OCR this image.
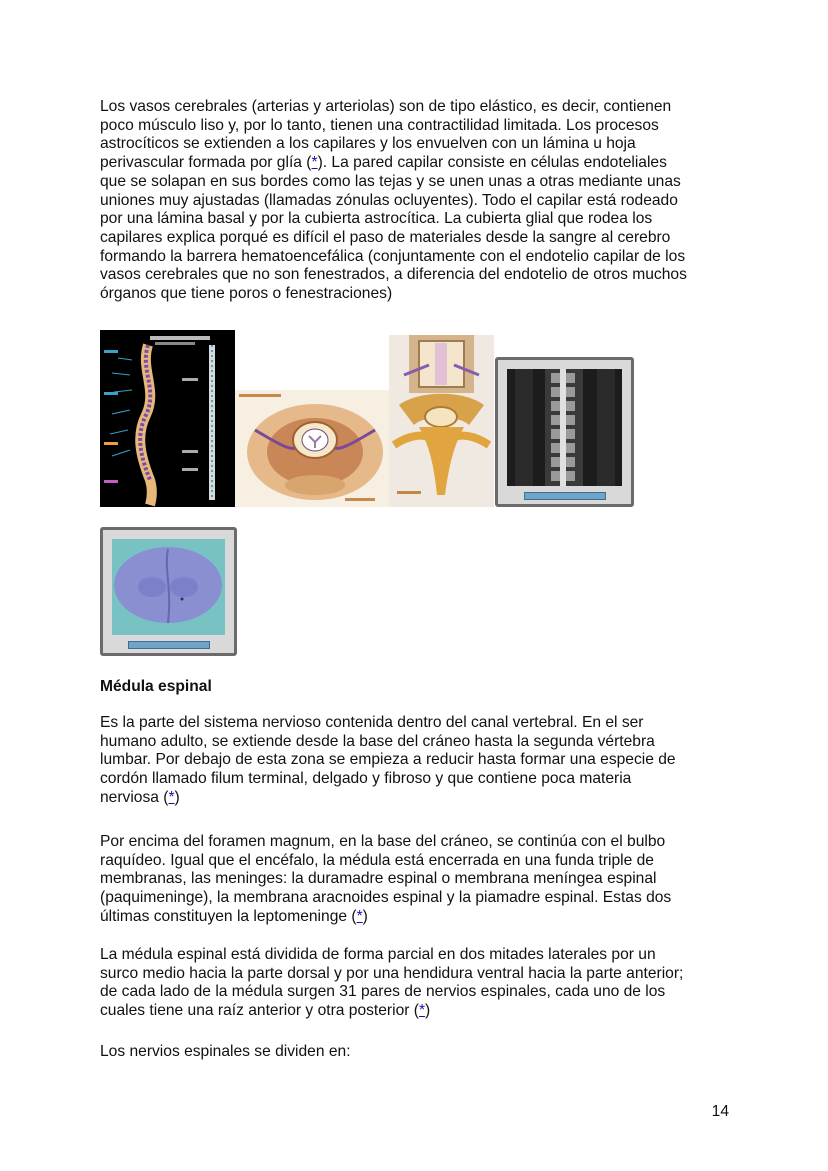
Los vasos cerebrales (arterias y arteriolas) son de tipo elástico, es decir, contienen
poco músculo liso y, por lo tanto, tienen una contractilidad limitada. Los procesos
astrocíticos se extienden a los capilares y los envuelven con un lámina u hoja
perivascular formada por glía (*). La pared capilar consiste en células endoteliales
que se solapan en sus bordes como las tejas y se unen unas a otras mediante unas
uniones muy ajustadas (llamadas zónulas ocluyentes). Todo el capilar está rodeado
por una lámina basal y por la cubierta astrocítica. La cubierta glial que rodea los
capilares explica porqué es difícil el paso de materiales desde la sangre al cerebro
formando la barrera hematoencefálica (conjuntamente con el endotelio capilar de los
vasos cerebrales que no son fenestrados, a diferencia del endotelio de otros muchos
órganos que tiene poros o fenestraciones)

Médula espinal

Es la parte del sistema nervioso contenida dentro del canal vertebral. En el ser
humano adulto, se extiende desde la base del cráneo hasta la segunda vértebra
lumbar. Por debajo de esta zona se empieza a reducir hasta formar una especie de
cordón llamado filum terminal, delgado y fibroso y que contiene poca materia
nerviosa (*)

Por encima del foramen magnum, en la base del cráneo, se continúa con el bulbo
raquídeo. Igual que el encéfalo, la médula está encerrada en una funda triple de
membranas, las meninges: la duramadre espinal o membrana meníngea espinal
(paquimeninge), la membrana aracnoides espinal y la piamadre espinal. Estas dos
últimas constituyen la leptomeninge (*)

La médula espinal está dividida de forma parcial en dos mitades laterales por un
surco medio hacia la parte dorsal y por una hendidura ventral hacia la parte anterior;
de cada lado de la médula surgen 31 pares de nervios espinales, cada uno de los
cuales tiene una raíz anterior y otra posterior (*)

Los nervios espinales se dividen en:

14
